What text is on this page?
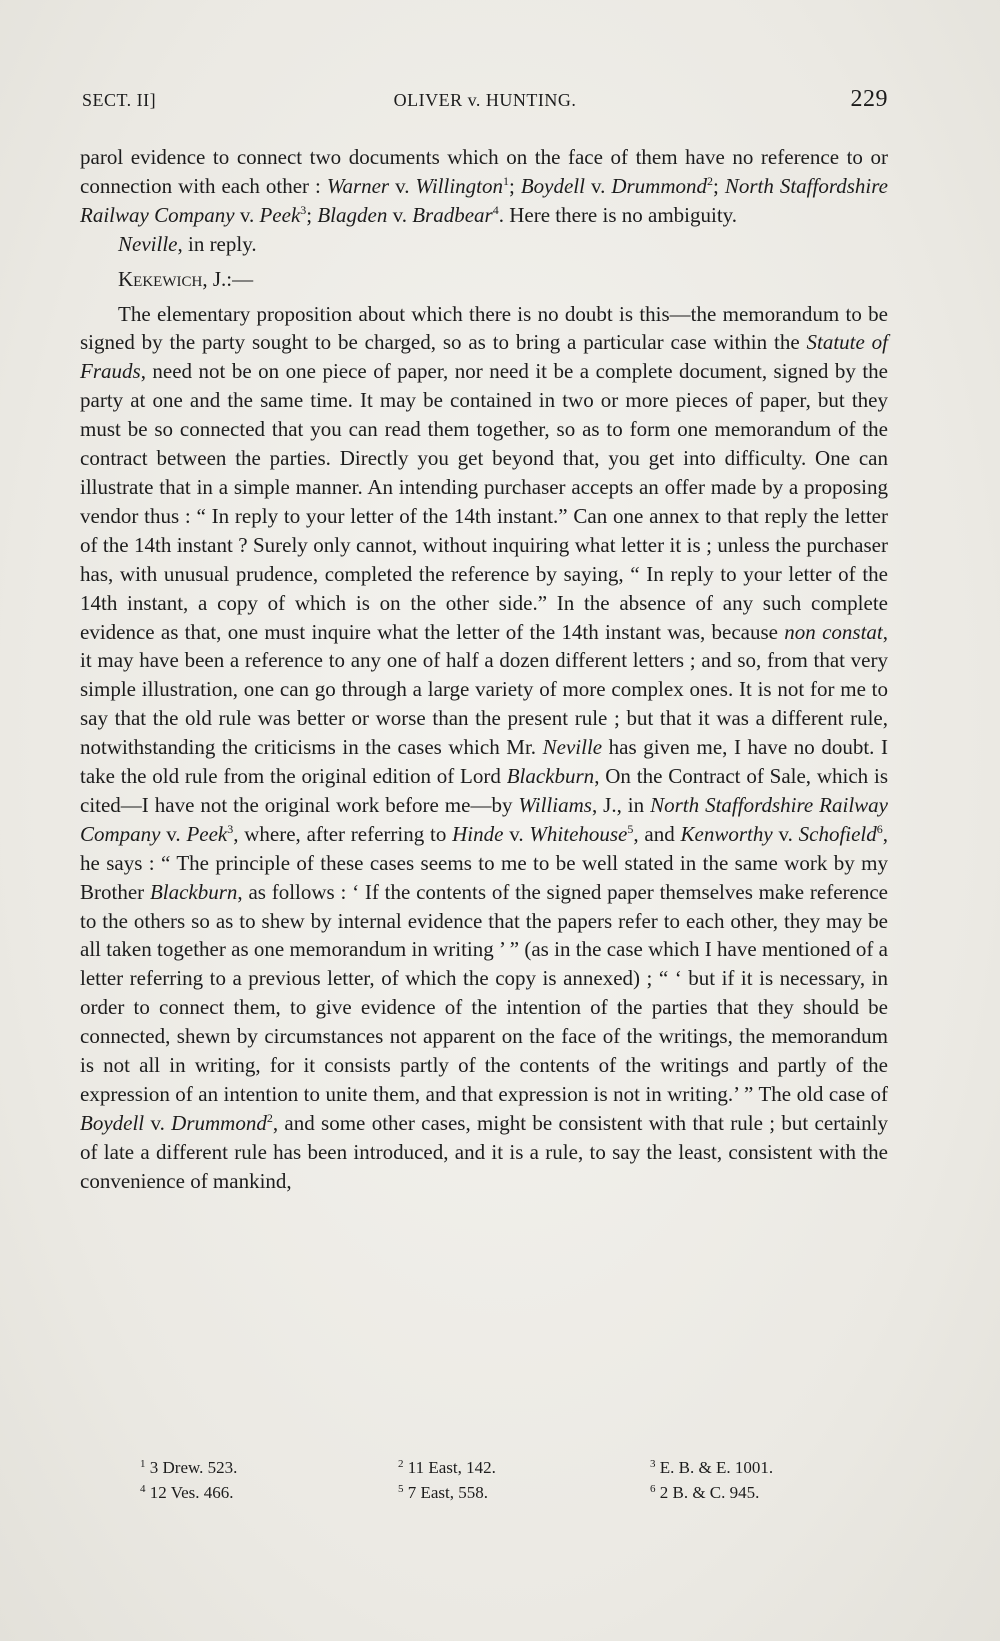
SECT. II]	OLIVER v. HUNTING.	229

parol evidence to connect two documents which on the face of them have no reference to or connection with each other : Warner v. Willington$^1$; Boydell v. Drummond$^2$; North Staffordshire Railway Company v. Peek$^3$; Blagden v. Bradbear$^4$. Here there is no ambiguity.

Neville, in reply.

Kekewich, J.:—

The elementary proposition about which there is no doubt is this—the memorandum to be signed by the party sought to be charged, so as to bring a particular case within the Statute of Frauds, need not be on one piece of paper, nor need it be a complete document, signed by the party at one and the same time. It may be contained in two or more pieces of paper, but they must be so connected that you can read them together, so as to form one memorandum of the contract between the parties. Directly you get beyond that, you get into difficulty. One can illustrate that in a simple manner. An intending purchaser accepts an offer made by a proposing vendor thus : “ In reply to your letter of the 14th instant.” Can one annex to that reply the letter of the 14th instant ? Surely only cannot, without inquiring what letter it is ; unless the purchaser has, with unusual prudence, completed the reference by saying, “ In reply to your letter of the 14th instant, a copy of which is on the other side.” In the absence of any such complete evidence as that, one must inquire what the letter of the 14th instant was, because non constat, it may have been a reference to any one of half a dozen different letters ; and so, from that very simple illustration, one can go through a large variety of more complex ones. It is not for me to say that the old rule was better or worse than the present rule ; but that it was a different rule, notwithstanding the criticisms in the cases which Mr. Neville has given me, I have no doubt. I take the old rule from the original edition of Lord Blackburn, On the Contract of Sale, which is cited—I have not the original work before me—by Williams, J., in North Staffordshire Railway Company v. Peek$^3$, where, after referring to Hinde v. Whitehouse$^5$, and Kenworthy v. Schofield$^6$, he says : “ The principle of these cases seems to me to be well stated in the same work by my Brother Blackburn, as follows : ‘ If the contents of the signed paper themselves make reference to the others so as to shew by internal evidence that the papers refer to each other, they may be all taken together as one memorandum in writing ’ ” (as in the case which I have mentioned of a letter referring to a previous letter, of which the copy is annexed) ; “ ‘ but if it is necessary, in order to connect them, to give evidence of the intention of the parties that they should be connected, shewn by circumstances not apparent on the face of the writings, the memorandum is not all in writing, for it consists partly of the contents of the writings and partly of the expression of an intention to unite them, and that expression is not in writing.’ ” The old case of Boydell v. Drummond$^2$, and some other cases, might be consistent with that rule ; but certainly of late a different rule has been introduced, and it is a rule, to say the least, consistent with the convenience of mankind,

$^1$ 3 Drew. 523.	$^2$ 11 East, 142.	$^3$ E. B. & E. 1001.
$^4$ 12 Ves. 466.	$^5$ 7 East, 558.	$^6$ 2 B. & C. 945.
